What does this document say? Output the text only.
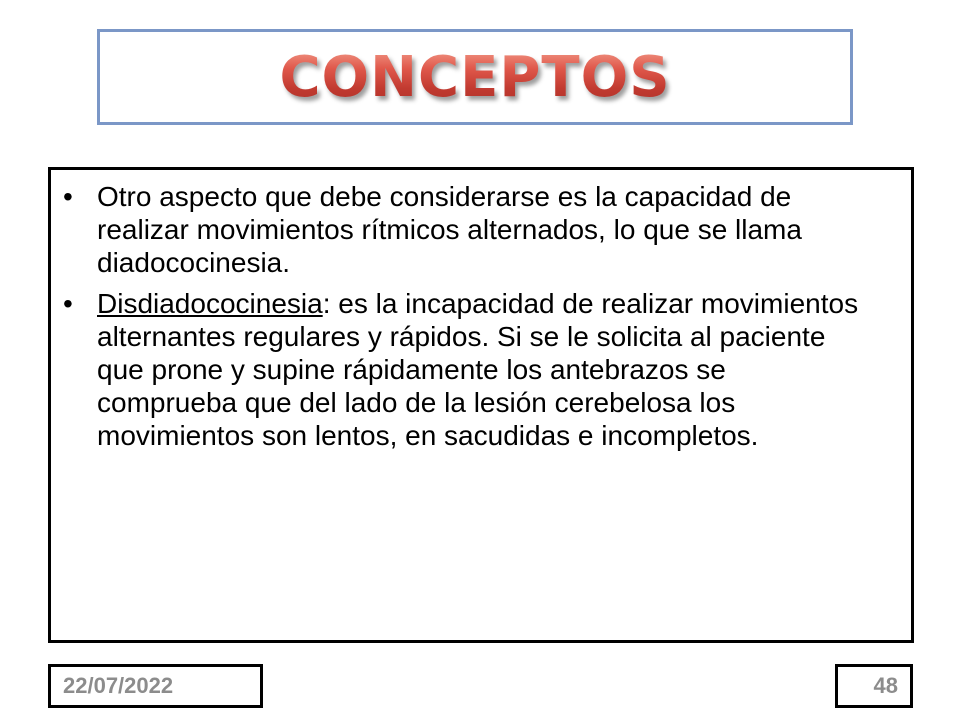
CONCEPTOS
• Otro aspecto que debe considerarse es la capacidad de realizar movimientos rítmicos alternados, lo que se llama diadococinesia.
• Disdiadococinesia: es la incapacidad de realizar movimientos alternantes regulares y rápidos. Si se le solicita al paciente que prone y supine rápidamente los antebrazos se comprueba que del lado de la lesión cerebelosa los movimientos son lentos, en sacudidas e incompletos.
22/07/2022	48
